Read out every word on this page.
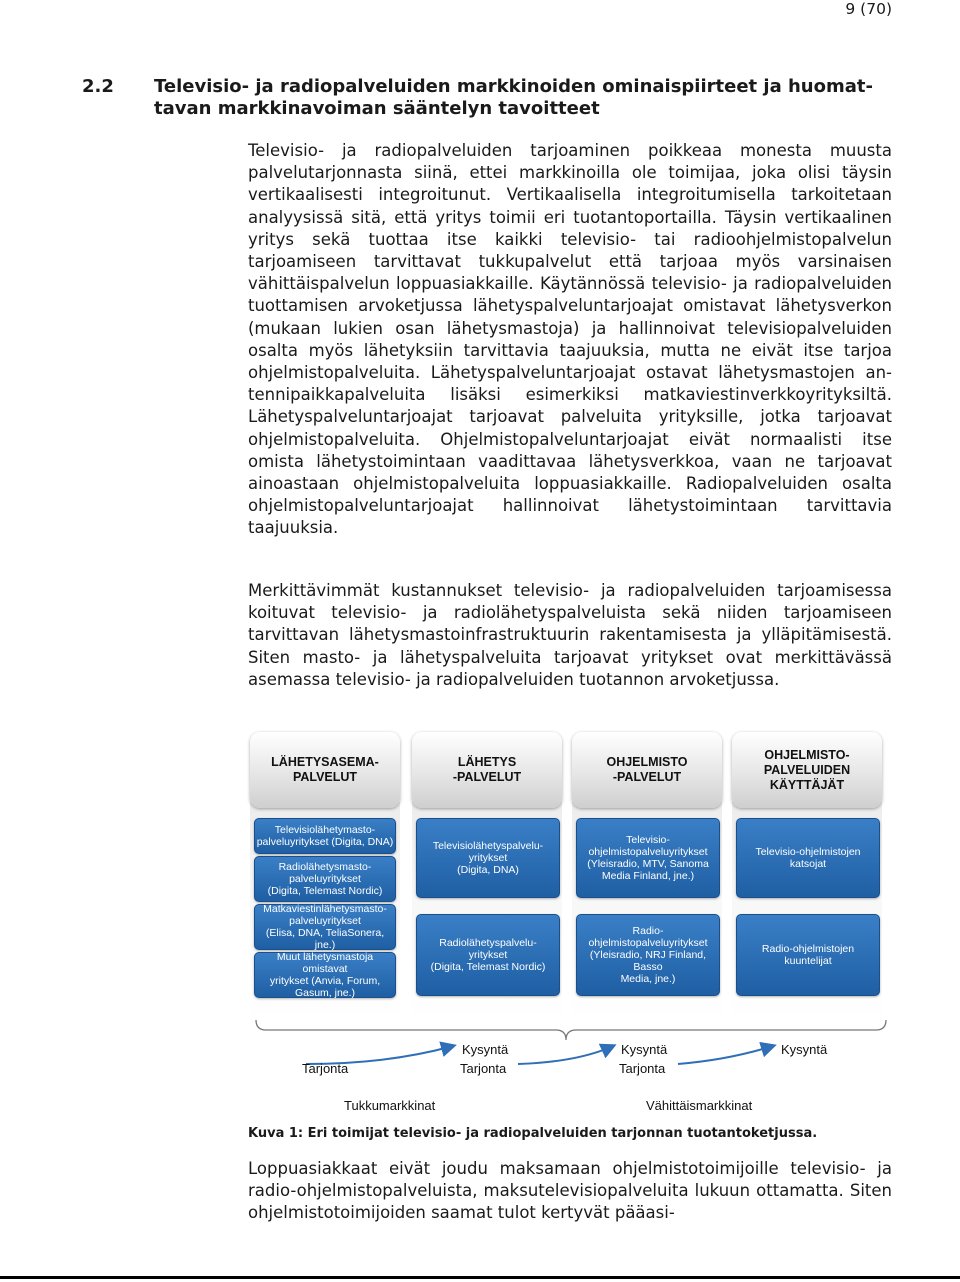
9 (70)
2.2 Televisio- ja radiopalveluiden markkinoiden ominaispiirteet ja huomat-
tavan markkinavoiman sääntelyn tavoitteet
Televisio- ja radiopalveluiden tarjoaminen poikkeaa monesta muusta palvelutarjonnasta siinä, ettei markkinoilla ole toimijaa, joka olisi täysin vertikaalisesti integroitunut. Vertikaalisella integroitumisella tarkoitetaan analyysissä sitä, että yritys toimii eri tuotantoportailla. Täysin vertikaalinen yritys sekä tuottaa itse kaikki televisio- tai radioohjelmistopalvelun tarjoamiseen tarvittavat tukkupalvelut että tarjoaa myös varsinaisen vähittäispalvelun loppuasiakkaille. Käytännössä televisio- ja radiopalveluiden tuottamisen arvoketjussa lähetyspalveluntarjoajat omistavat lähetysverkon (mukaan lukien osan lähetysmastoja) ja hallinnoivat televisiopalveluiden osalta myös lähetyksiin tarvittavia taajuuksia, mutta ne eivät itse tarjoa ohjelmistopalveluita. Lähetyspalveluntarjoajat ostavat lähetysmastojen antennipaikkapalveluita lisäksi esimerkiksi matkaviestinverkkoyrityksiltä. Lähetyspalveluntarjoajat tarjoavat palveluita yrityksille, jotka tarjoavat ohjelmistopalveluita. Ohjelmistopalveluntarjoajat eivät normaalisti itse omista lähetystoimintaan vaadittavaa lähetysverkkoa, vaan ne tarjoavat ainoastaan ohjelmistopalveluita loppuasiakkaille. Radiopalveluiden osalta ohjelmistopalveluntarjoajat hallinnoivat lähetystoimintaan tarvittavia taajuuksia.
Merkittävimmät kustannukset televisio- ja radiopalveluiden tarjoamisessa koituvat televisio- ja radiolähetyspalveluista sekä niiden tarjoamiseen tarvittavan lähetysmastoinfrastruktuurin rakentamisesta ja ylläpitämisestä. Siten masto- ja lähetyspalveluita tarjoavat yritykset ovat merkittävässä asemassa televisio- ja radiopalveluiden tuotannon arvoketjussa.
LÄHETYSASEMA-
PALVELUT
LÄHETYS
-PALVELUT
OHJELMISTO
-PALVELUT
OHJELMISTO-
PALVELUIDEN
KÄYTTÄJÄT
Televisiolähetymasto-
palveluyritykset (Digita, DNA)
Radiolähetysmasto-
palveluyritykset
(Digita, Telemast Nordic)
Matkaviestinlähetysmasto-
palveluyritykset
(Elisa, DNA, TeliaSonera, jne.)
Muut lähetysmastoja omistavat
yritykset (Anvia, Forum,
Gasum, jne.)
Televisiolähetyspalvelu-
yritykset
(Digita, DNA)
Radiolähetyspalvelu-
yritykset
(Digita, Telemast Nordic)
Televisio-
ohjelmistopalveluyritykset
(Yleisradio, MTV, Sanoma
Media Finland, jne.)
Radio-
ohjelmistopalveluyritykset
(Yleisradio, NRJ Finland, Basso
Media, jne.)
Televisio-ohjelmistojen
katsojat
Radio-ohjelmistojen
kuuntelijat
Tarjonta
Kysyntä
Tarjonta
Kysyntä
Tarjonta
Kysyntä
Tukkumarkkinat	Vähittäismarkkinat
Kuva 1: Eri toimijat televisio- ja radiopalveluiden tarjonnan tuotantoketjussa.
Loppuasiakkaat eivät joudu maksamaan ohjelmistotoimijoille televisio- ja radio-ohjelmistopalveluista, maksutelevisiopalveluita lukuun ottamatta. Siten ohjelmistotoimijoiden saamat tulot kertyvät pääasi-
